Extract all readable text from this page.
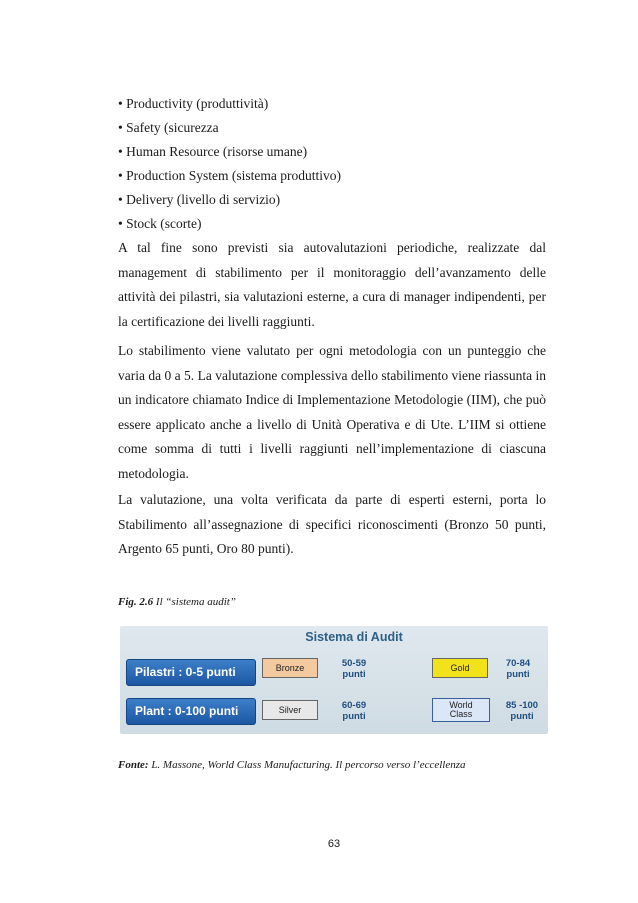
• Productivity (produttività)
• Safety (sicurezza
• Human Resource (risorse umane)
• Production System (sistema produttivo)
• Delivery (livello di servizio)
• Stock (scorte)

A tal fine sono previsti sia autovalutazioni periodiche, realizzate dal management di stabilimento per il monitoraggio dell’avanzamento delle attività dei pilastri, sia valutazioni esterne, a cura di manager indipendenti, per la certificazione dei livelli raggiunti.

Lo stabilimento viene valutato per ogni metodologia con un punteggio che varia da 0 a 5. La valutazione complessiva dello stabilimento viene riassunta in un indicatore chiamato Indice di Implementazione Metodologie (IIM), che può essere applicato anche a livello di Unità Operativa e di Ute. L’IIM si ottiene come somma di tutti i livelli raggiunti nell’implementazione di ciascuna metodologia.

La valutazione, una volta verificata da parte di esperti esterni, porta lo Stabilimento all’assegnazione di specifici riconoscimenti (Bronzo 50 punti, Argento 65 punti, Oro 80 punti).

Fig. 2.6 Il “sistema audit”
Sistema di Audit
Pilastri : 0-5 punti
Plant : 0-100 punti
Bronze	50-59
punti
Gold	70-84
punti
Silver	60-69
punti
World Class
85 -100
punti
Fonte: L. Massone, World Class Manufacturing. Il percorso verso l’eccellenza
63
